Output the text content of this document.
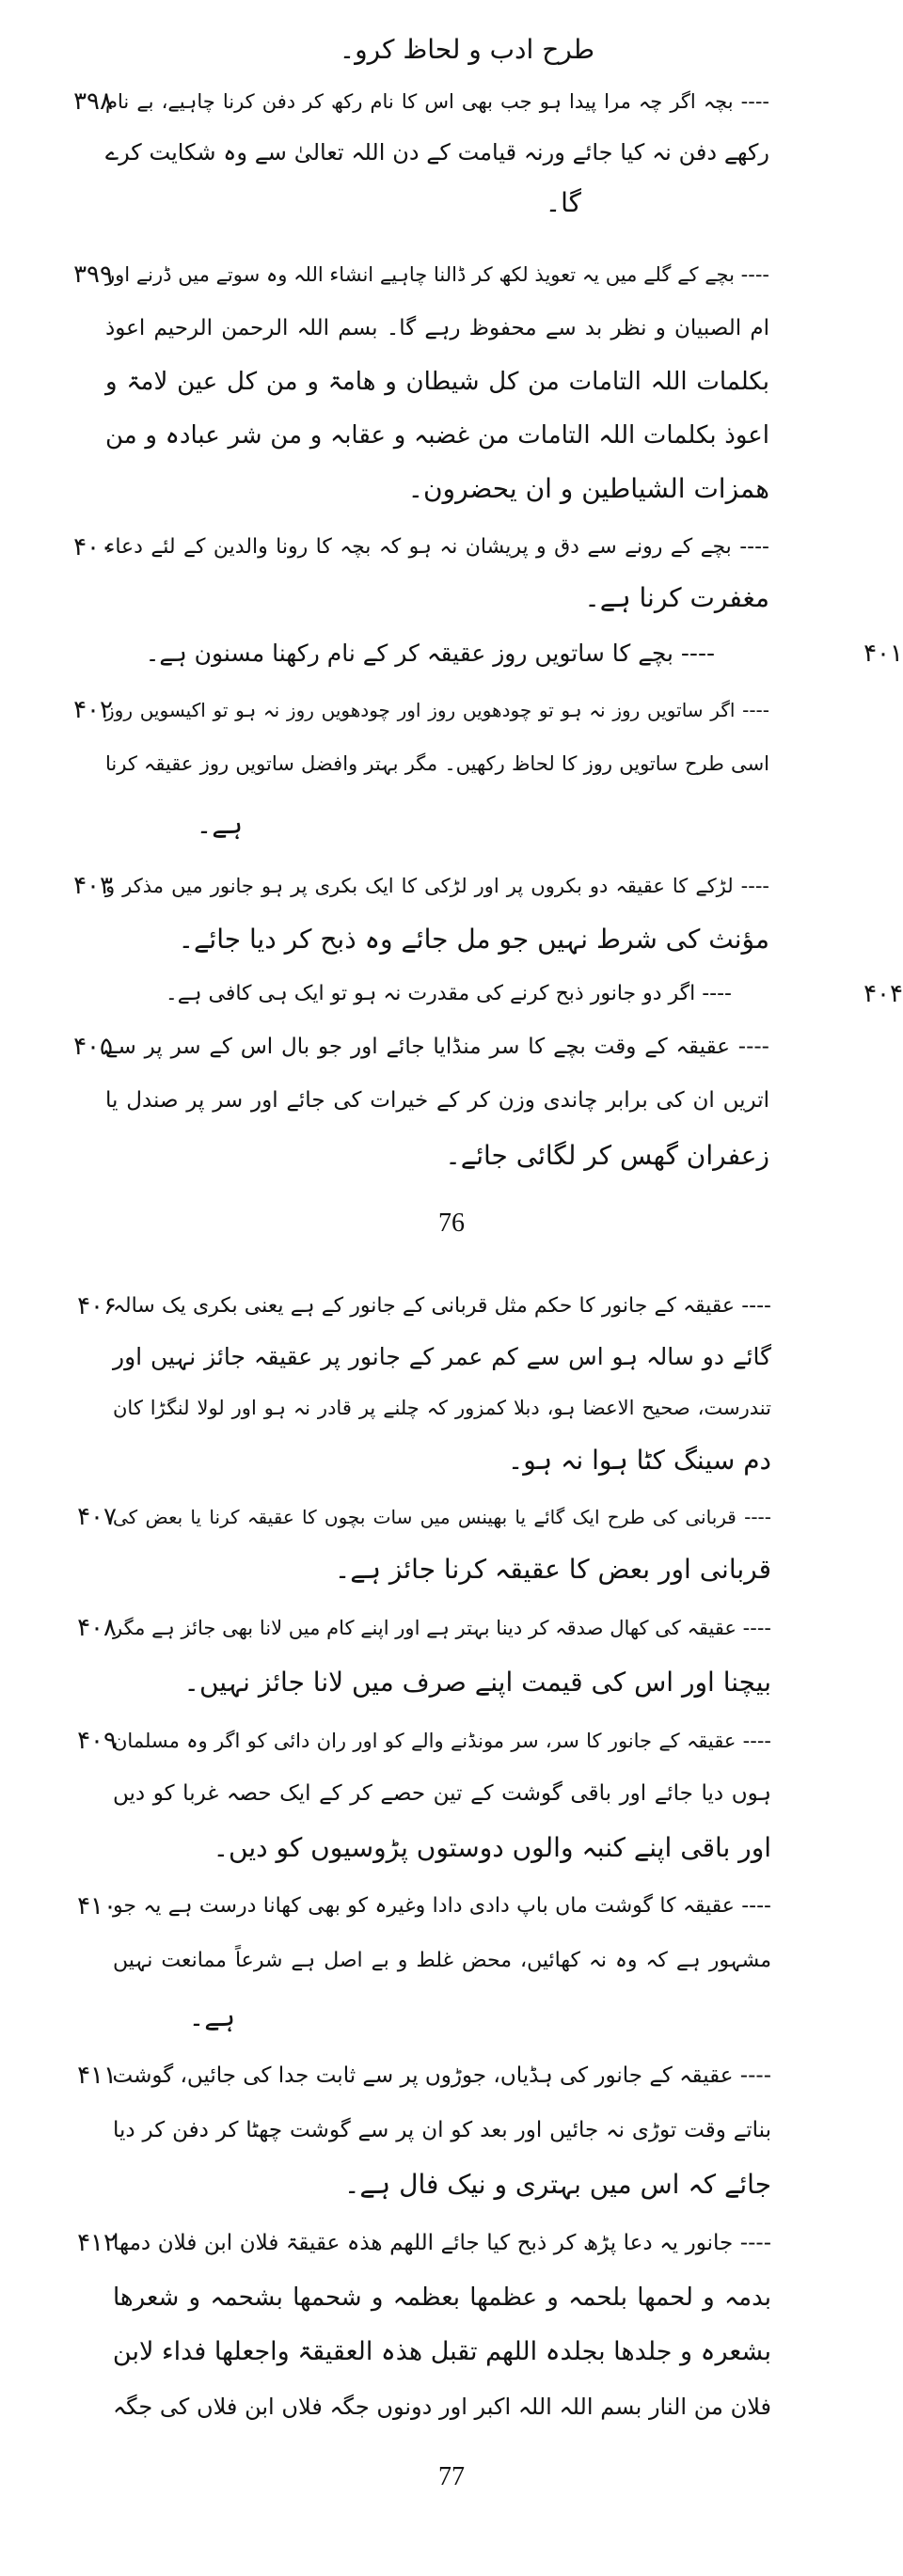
طرح ادب و لحاظ کرو۔
۳۹۸
---- بچہ اگر چہ مرا پیدا ہو جب بھی اس کا نام رکھ کر دفن کرنا چاہیے، بے نام
رکھے دفن نہ کیا جائے ورنہ قیامت کے دن اللہ تعالیٰ سے وہ شکایت کرے
گا۔
۳۹۹
---- بچے کے گلے میں یہ تعویذ لکھ کر ڈالنا چاہیے انشاء اللہ وہ سوتے میں ڈرنے اور
ام الصبیان و نظر بد سے محفوظ رہے گا۔ بسم اللہ الرحمن الرحیم اعوذ
بکلمات اللہ التامات من کل شیطان و ھامۃ و من کل عین لامۃ و
اعوذ بکلمات اللہ التامات من غضبہ و عقابہ و من شر عبادہ و من
ھمزات الشیاطین و ان یحضرون۔
۴۰۰
---- بچے کے رونے سے دق و پریشان نہ ہو کہ بچہ کا رونا والدین کے لئے دعاء
مغفرت کرنا ہے۔
۴۰۱
---- بچے کا ساتویں روز عقیقہ کر کے نام رکھنا مسنون ہے۔
۴۰۲
---- اگر ساتویں روز نہ ہو تو چودھویں روز اور چودھویں روز نہ ہو تو اکیسویں روز
اسی طرح ساتویں روز کا لحاظ رکھیں۔ مگر بہتر وافضل ساتویں روز عقیقہ کرنا
ہے۔
۴۰۳
---- لڑکے کا عقیقہ دو بکروں پر اور لڑکی کا ایک بکری پر ہو جانور میں مذکر و
مؤنث کی شرط نہیں جو مل جائے وہ ذبح کر دیا جائے۔
۴۰۴
---- اگر دو جانور ذبح کرنے کی مقدرت نہ ہو تو ایک ہی کافی ہے۔
۴۰۵
---- عقیقہ کے وقت بچے کا سر منڈایا جائے اور جو بال اس کے سر پر سے
اتریں ان کی برابر چاندی وزن کر کے خیرات کی جائے اور سر پر صندل یا
زعفران گھس کر لگائی جائے۔
76
۴۰۶
---- عقیقہ کے جانور کا حکم مثل قربانی کے جانور کے ہے یعنی بکری یک سالہ
گائے دو سالہ ہو اس سے کم عمر کے جانور پر عقیقہ جائز نہیں اور
تندرست، صحیح الاعضا ہو، دبلا کمزور کہ چلنے پر قادر نہ ہو اور لولا لنگڑا کان
دم سینگ کٹا ہوا نہ ہو۔
۴۰۷
---- قربانی کی طرح ایک گائے یا بھینس میں سات بچوں کا عقیقہ کرنا یا بعض کی
قربانی اور بعض کا عقیقہ کرنا جائز ہے۔
۴۰۸
---- عقیقہ کی کھال صدقہ کر دینا بہتر ہے اور اپنے کام میں لانا بھی جائز ہے مگر
بیچنا اور اس کی قیمت اپنے صرف میں لانا جائز نہیں۔
۴۰۹
---- عقیقہ کے جانور کا سر، سر مونڈنے والے کو اور ران دائی کو اگر وہ مسلمان
ہوں دیا جائے اور باقی گوشت کے تین حصے کر کے ایک حصہ غربا کو دیں
اور باقی اپنے کنبہ والوں دوستوں پڑوسیوں کو دیں۔
۴۱۰
---- عقیقہ کا گوشت ماں باپ دادی دادا وغیرہ کو بھی کھانا درست ہے یہ جو
مشہور ہے کہ وہ نہ کھائیں، محض غلط و بے اصل ہے شرعاً ممانعت نہیں
ہے۔
۴۱۱
---- عقیقہ کے جانور کی ہڈیاں، جوڑوں پر سے ثابت جدا کی جائیں، گوشت
بناتے وقت توڑی نہ جائیں اور بعد کو ان پر سے گوشت چھٹا کر دفن کر دیا
جائے کہ اس میں بہتری و نیک فال ہے۔
۴۱۲
---- جانور یہ دعا پڑھ کر ذبح کیا جائے اللھم ھذہ عقیقۃ فلان ابن فلان دمھا
بدمہ و لحمھا بلحمہ و عظمھا بعظمہ و شحمھا بشحمہ و شعرھا
بشعرہ و جلدھا بجلدہ اللھم تقبل ھذہ العقیقۃ واجعلھا فداء لابن
فلان من النار بسم اللہ اللہ اکبر اور دونوں جگہ فلاں ابن فلاں کی جگہ
77
